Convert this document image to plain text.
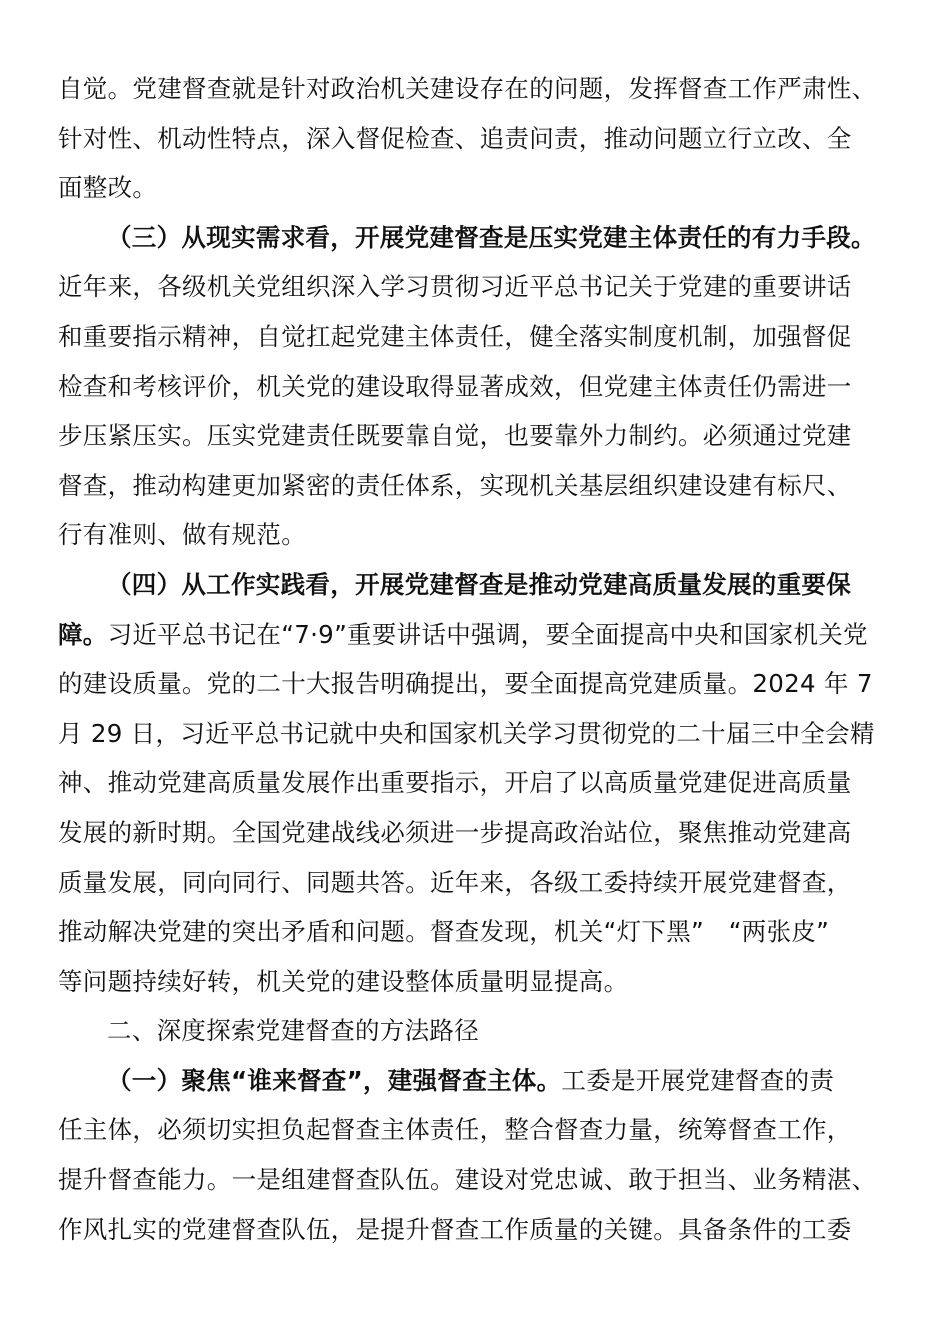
自觉。党建督查就是针对政治机关建设存在的问题，发挥督查工作严肃性、
针对性、机动性特点，深入督促检查、追责问责，推动问题立行立改、全
面整改。
（三）从现实需求看，开展党建督查是压实党建主体责任的有力手段。
近年来，各级机关党组织深入学习贯彻习近平总书记关于党建的重要讲话
和重要指示精神，自觉扛起党建主体责任，健全落实制度机制，加强督促
检查和考核评价，机关党的建设取得显著成效，但党建主体责任仍需进一
步压紧压实。压实党建责任既要靠自觉，也要靠外力制约。必须通过党建
督查，推动构建更加紧密的责任体系，实现机关基层组织建设建有标尺、
行有准则、做有规范。
（四）从工作实践看，开展党建督查是推动党建高质量发展的重要保
障。习近平总书记在“7·9”重要讲话中强调，要全面提高中央和国家机关党
的建设质量。党的二十大报告明确提出，要全面提高党建质量。2024 年 7
月 29 日，习近平总书记就中央和国家机关学习贯彻党的二十届三中全会精
神、推动党建高质量发展作出重要指示，开启了以高质量党建促进高质量
发展的新时期。全国党建战线必须进一步提高政治站位，聚焦推动党建高
质量发展，同向同行、同题共答。近年来，各级工委持续开展党建督查，
推动解决党建的突出矛盾和问题。督查发现，机关“灯下黑”　“两张皮”
等问题持续好转，机关党的建设整体质量明显提高。
二、深度探索党建督查的方法路径
（一）聚焦“谁来督查”，建强督查主体。工委是开展党建督查的责
任主体，必须切实担负起督查主体责任，整合督查力量，统筹督查工作，
提升督查能力。一是组建督查队伍。建设对党忠诚、敢于担当、业务精湛、
作风扎实的党建督查队伍，是提升督查工作质量的关键。具备条件的工委
